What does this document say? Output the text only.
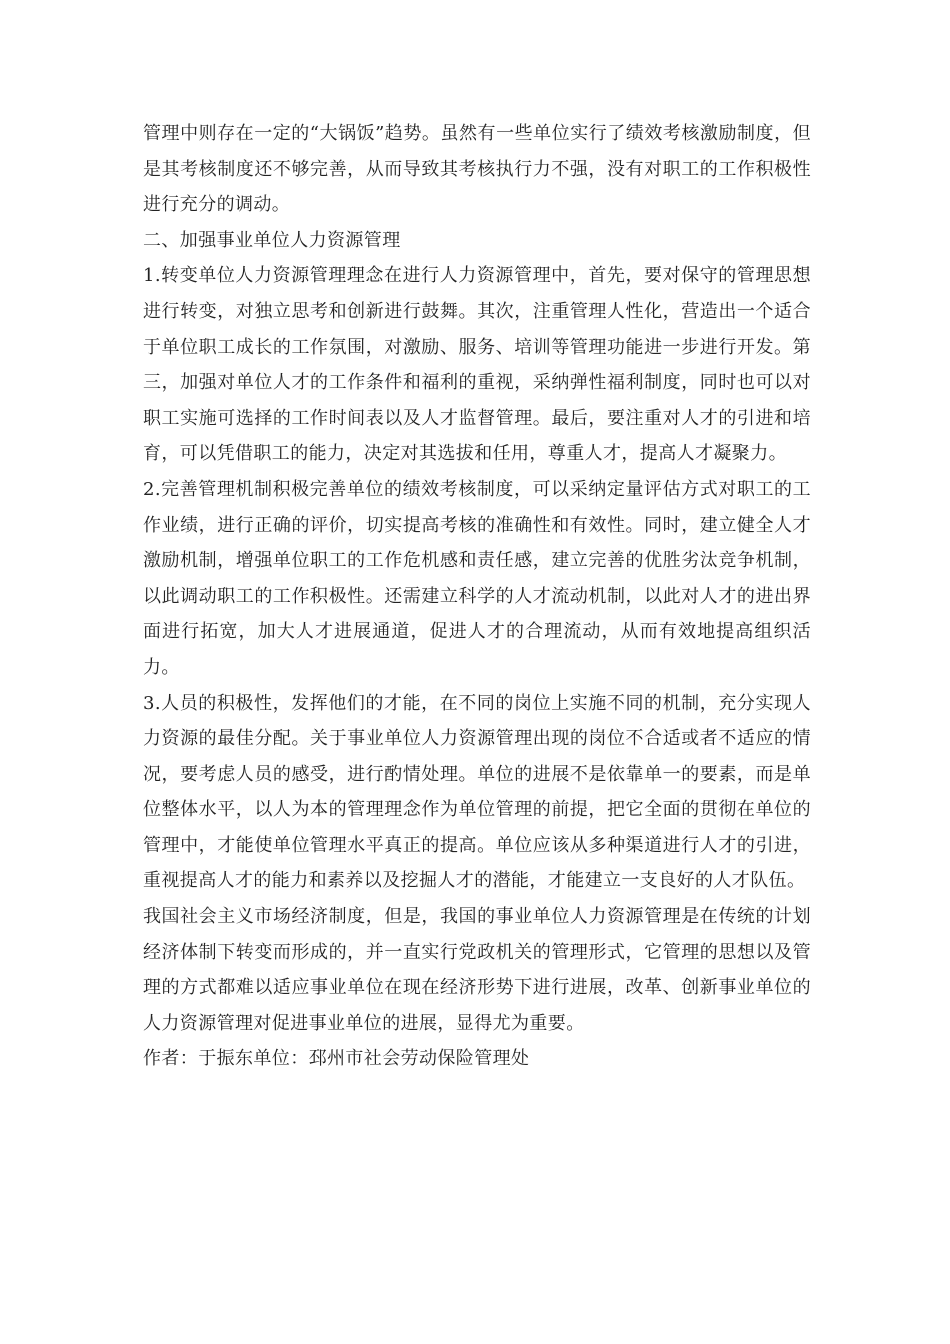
管理中则存在一定的“大锅饭”趋势。虽然有一些单位实行了绩效考核激励制度，但是其考核制度还不够完善，从而导致其考核执行力不强，没有对职工的工作积极性进行充分的调动。

二、加强事业单位人力资源管理

1.转变单位人力资源管理理念在进行人力资源管理中，首先，要对保守的管理思想进行转变，对独立思考和创新进行鼓舞。其次，注重管理人性化，营造出一个适合于单位职工成长的工作氛围，对激励、服务、培训等管理功能进一步进行开发。第三，加强对单位人才的工作条件和福利的重视，采纳弹性福利制度，同时也可以对职工实施可选择的工作时间表以及人才监督管理。最后，要注重对人才的引进和培育，可以凭借职工的能力，决定对其选拔和任用，尊重人才，提高人才凝聚力。

2.完善管理机制积极完善单位的绩效考核制度，可以采纳定量评估方式对职工的工作业绩，进行正确的评价，切实提高考核的准确性和有效性。同时，建立健全人才激励机制，增强单位职工的工作危机感和责任感，建立完善的优胜劣汰竞争机制，以此调动职工的工作积极性。还需建立科学的人才流动机制，以此对人才的进出界面进行拓宽，加大人才进展通道，促进人才的合理流动，从而有效地提高组织活力。

3.人员的积极性，发挥他们的才能，在不同的岗位上实施不同的机制，充分实现人力资源的最佳分配。关于事业单位人力资源管理出现的岗位不合适或者不适应的情况，要考虑人员的感受，进行酌情处理。单位的进展不是依靠单一的要素，而是单位整体水平，以人为本的管理理念作为单位管理的前提，把它全面的贯彻在单位的管理中，才能使单位管理水平真正的提高。单位应该从多种渠道进行人才的引进，重视提高人才的能力和素养以及挖掘人才的潜能，才能建立一支良好的人才队伍。

我国社会主义市场经济制度，但是，我国的事业单位人力资源管理是在传统的计划经济体制下转变而形成的，并一直实行党政机关的管理形式，它管理的思想以及管理的方式都难以适应事业单位在现在经济形势下进行进展，改革、创新事业单位的人力资源管理对促进事业单位的进展，显得尤为重要。

作者：于振东单位：邳州市社会劳动保险管理处
